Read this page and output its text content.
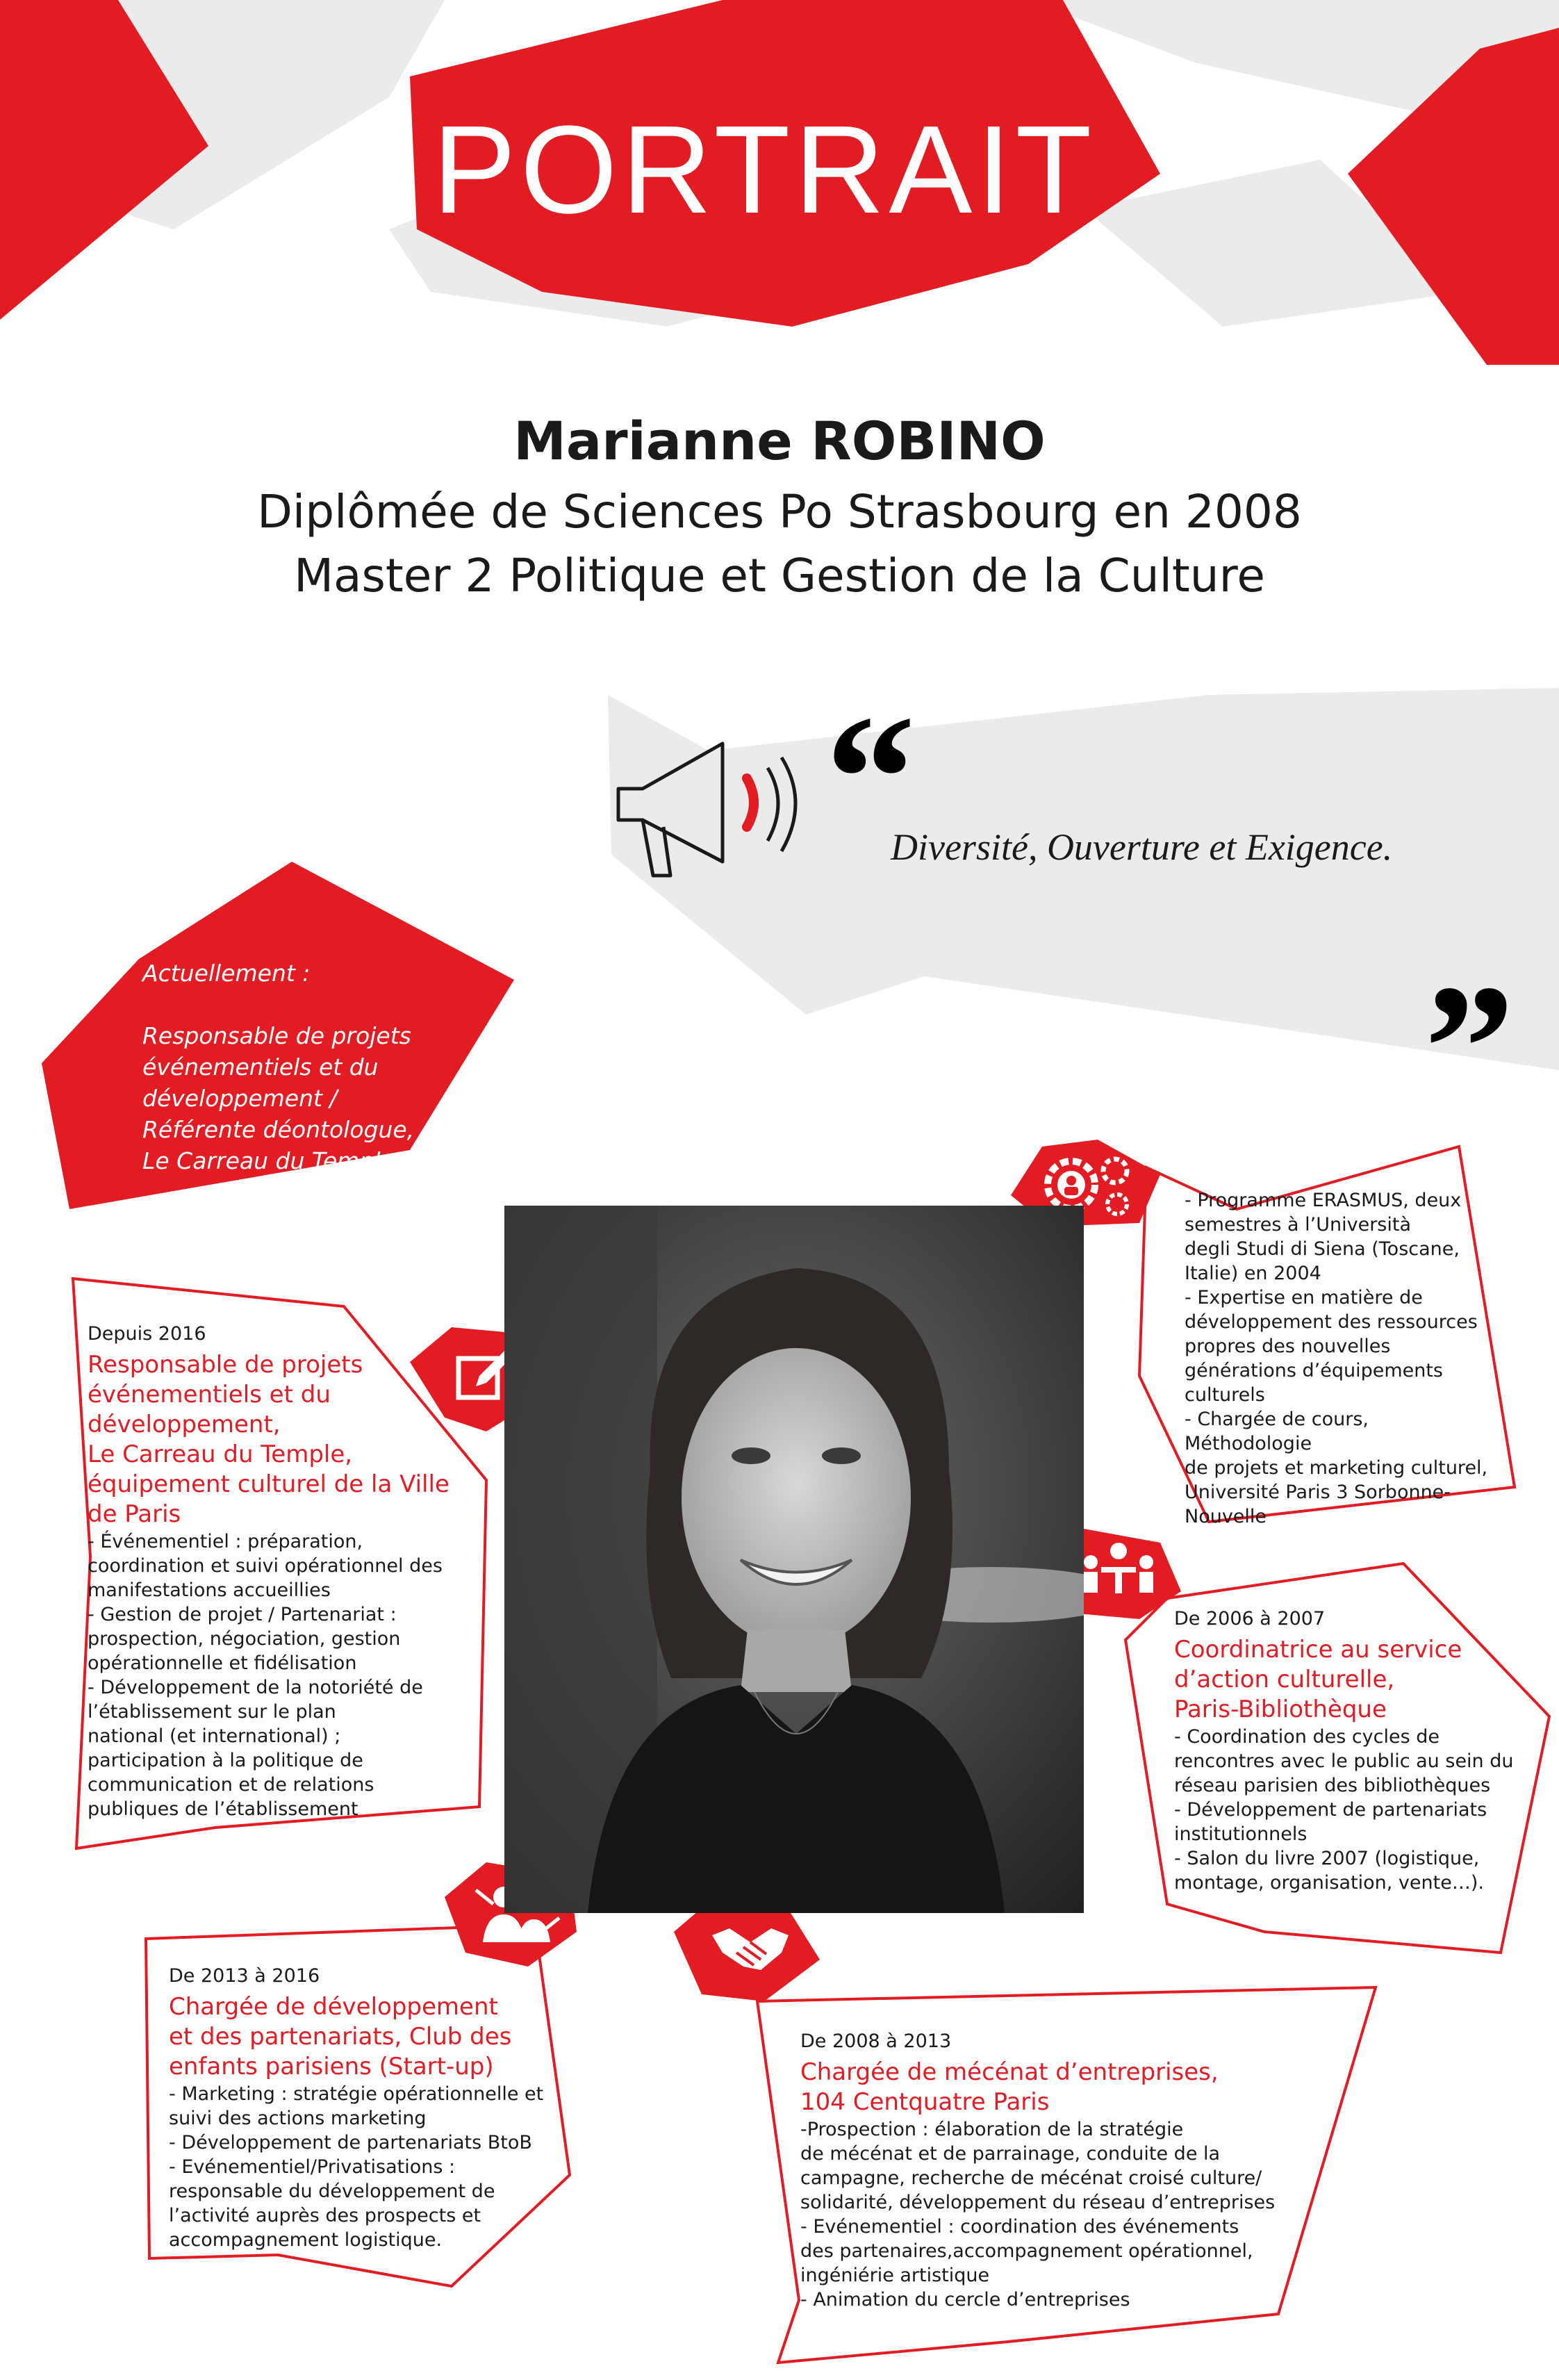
PORTRAIT
Marianne ROBINO
Diplômée de Sciences Po Strasbourg en 2008
Master 2 Politique et Gestion de la Culture
“
Diversité, Ouverture et Exigence.
”
Actuellement :
Responsable de projets
événementiels et du
développement /
Référente déontologue,
Le Carreau du Temple
- Programme ERASMUS, deux
semestres à l’Università
degli Studi di Siena (Toscane,
Italie) en 2004
- Expertise en matière de
développement des ressources
propres des nouvelles
générations d’équipements
culturels
- Chargée de cours, Méthodologie
de projets et marketing culturel,
Université Paris 3 Sorbonne-
Nouvelle
Depuis 2016
Responsable de projets
événementiels et du
développement,
Le Carreau du Temple,
équipement culturel de la Ville
de Paris
- Événementiel : préparation,
coordination et suivi opérationnel des
manifestations accueillies
- Gestion de projet / Partenariat :
prospection, négociation, gestion
opérationnelle et fidélisation
- Développement de la notoriété de
l’établissement sur le plan
national (et international) ;
participation à la politique de
communication et de relations
publiques de l’établissement
De 2006 à 2007
Coordinatrice au service
d’action culturelle,
Paris-Bibliothèque
- Coordination des cycles de
rencontres avec le public au sein du
réseau parisien des bibliothèques
- Développement de partenariats
institutionnels
- Salon du livre 2007 (logistique,
montage, organisation, vente…).
De 2013 à 2016
Chargée de développement
et des partenariats, Club des
enfants parisiens (Start-up)
- Marketing : stratégie opérationnelle et
suivi des actions marketing
- Développement de partenariats BtoB
- Evénementiel/Privatisations :
responsable du développement de
l’activité auprès des prospects et
accompagnement logistique.
De 2008 à 2013
Chargée de mécénat d’entreprises,
104 Centquatre Paris
-Prospection : élaboration de la stratégie
de mécénat et de parrainage, conduite de la
campagne, recherche de mécénat croisé culture/
solidarité, développement du réseau d’entreprises
- Evénementiel : coordination des événements
des partenaires,accompagnement opérationnel,
ingéniérie artistique
- Animation du cercle d’entreprises
